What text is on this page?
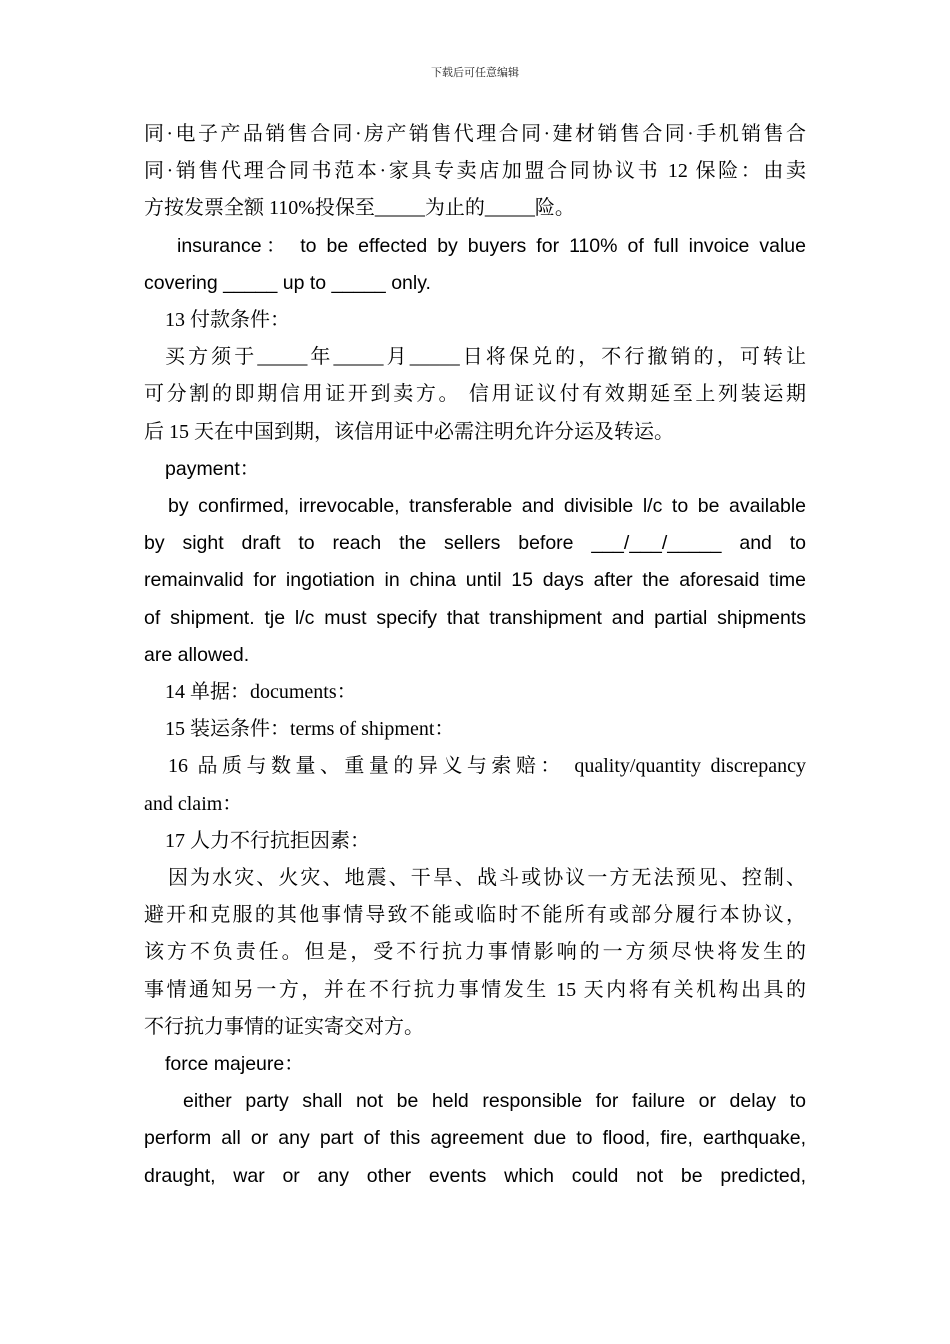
下载后可任意编辑
同·电子产品销售合同·房产销售代理合同·建材销售合同·手机销售合
同·销售代理合同书范本·家具专卖店加盟合同协议书 12 保险：由卖
方按发票全额 110%投保至_____为止的_____险。
insurance： to be effected by buyers for 110% of full invoice value
covering _____ up to _____ only.
13 付款条件：
买方须于_____年_____月_____日将保兑的，不行撤销的，可转让
可分割的即期信用证开到卖方。 信用证议付有效期延至上列装运期
后 15 天在中国到期，该信用证中必需注明允许分运及转运。
payment：
by confirmed, irrevocable, transferable and divisible l/c to be available
by sight draft to reach the sellers before ___/___/_____ and to
remainvalid for ingotiation in china until 15 days after the aforesaid time
of shipment. tje l/c must specify that transhipment and partial shipments
are allowed.
14 单据：documents：
15 装运条件：terms of shipment：
16 品质与数量、重量的异义与索赔： quality/quantity discrepancy
and claim：
17 人力不行抗拒因素：
因为水灾、火灾、地震、干旱、战斗或协议一方无法预见、控制、
避开和克服的其他事情导致不能或临时不能所有或部分履行本协议，
该方不负责任。但是，受不行抗力事情影响的一方须尽快将发生的
事情通知另一方，并在不行抗力事情发生 15 天内将有关机构出具的
不行抗力事情的证实寄交对方。
force majeure：
either party shall not be held responsible for failure or delay to
perform all or any part of this agreement due to flood, fire, earthquake,
draught, war or any other events which could not be predicted,
